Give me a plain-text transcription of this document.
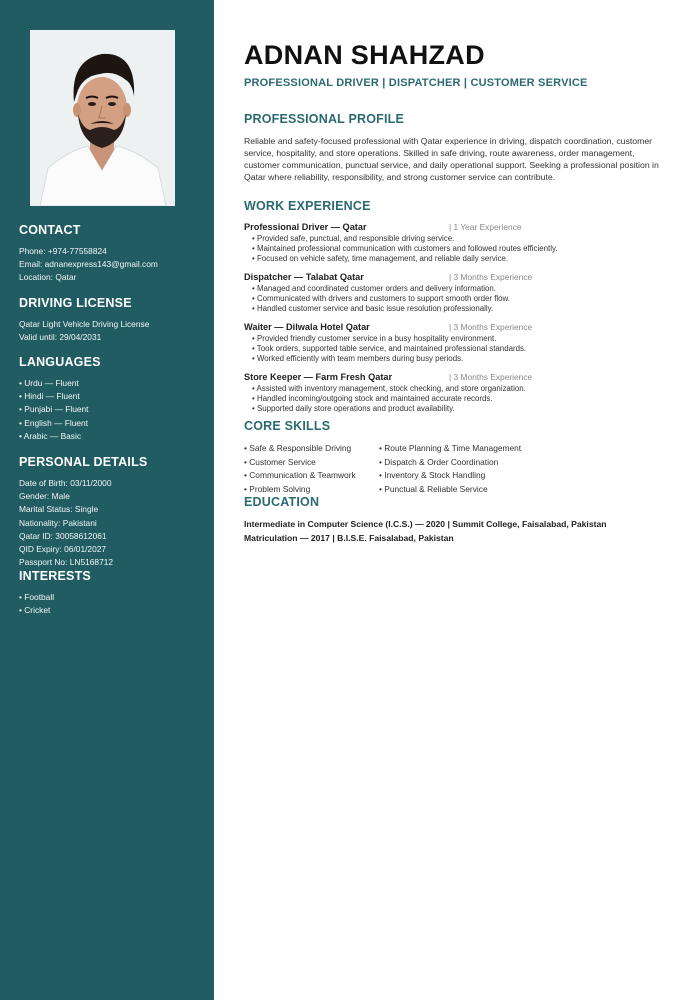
CONTACT
Phone: +974-77558824
Email: adnanexpress143@gmail.com
Location: Qatar
DRIVING LICENSE
Qatar Light Vehicle Driving License
Valid until: 29/04/2031
LANGUAGES
• Urdu — Fluent
• Hindi — Fluent
• Punjabi — Fluent
• English — Fluent
• Arabic — Basic
PERSONAL DETAILS
Date of Birth: 03/11/2000
Gender: Male
Marital Status: Single
Nationality: Pakistani
Qatar ID: 30058612061
QID Expiry: 06/01/2027
Passport No: LN5168712
INTERESTS
• Football
• Cricket
ADNAN SHAHZAD
PROFESSIONAL DRIVER | DISPATCHER | CUSTOMER SERVICE
PROFESSIONAL PROFILE
Reliable and safety-focused professional with Qatar experience in driving, dispatch coordination, customer service, hospitality, and store operations. Skilled in safe driving, route awareness, order management, customer communication, punctual service, and daily operational support. Seeking a professional position in Qatar where reliability, responsibility, and strong customer service can contribute.
WORK EXPERIENCE
Professional Driver — Qatar	| 1 Year Experience
• Provided safe, punctual, and responsible driving service.
• Maintained professional communication with customers and followed routes efficiently.
• Focused on vehicle safety, time management, and reliable daily service.
Dispatcher — Talabat Qatar	| 3 Months Experience
• Managed and coordinated customer orders and delivery information.
• Communicated with drivers and customers to support smooth order flow.
• Handled customer service and basic issue resolution professionally.
Waiter — Dilwala Hotel Qatar	| 3 Months Experience
• Provided friendly customer service in a busy hospitality environment.
• Took orders, supported table service, and maintained professional standards.
• Worked efficiently with team members during busy periods.
Store Keeper — Farm Fresh Qatar	| 3 Months Experience
• Assisted with inventory management, stock checking, and store organization.
• Handled incoming/outgoing stock and maintained accurate records.
• Supported daily store operations and product availability.
CORE SKILLS
• Safe & Responsible Driving
• Customer Service
• Communication & Teamwork
• Problem Solving
• Route Planning & Time Management
• Dispatch & Order Coordination
• Inventory & Stock Handling
• Punctual & Reliable Service
EDUCATION
Intermediate in Computer Science (I.C.S.) — 2020 | Summit College, Faisalabad, Pakistan
Matriculation — 2017 | B.I.S.E. Faisalabad, Pakistan
